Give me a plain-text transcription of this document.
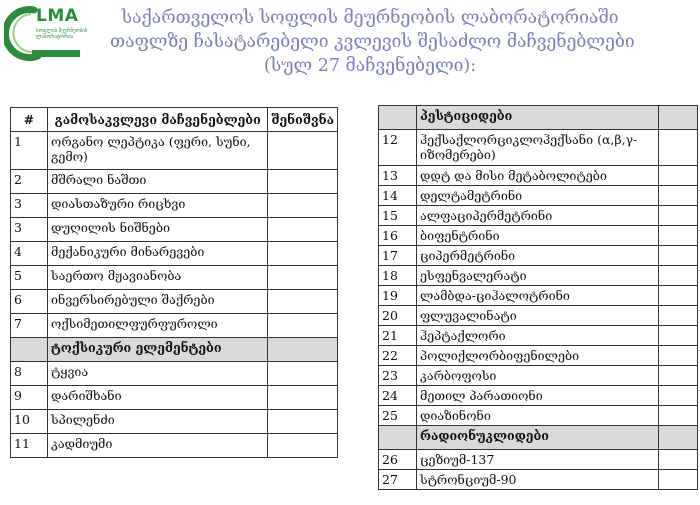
LMA
სოფლის მეურნეობის
ლაბორატორია
საქართველოს სოფლის მეურნეობის ლაბორატორიაში
თაფლზე ჩასატარებელი კვლევის შესაძლო მაჩვენებლები
(სულ 27 მაჩვენებელი):
#	გამოსაკვლევი მაჩვენებლები	შენიშვნა
1	ორგანო ლეპტიკა (ფერი, სუნი, გემო)	
2	მშრალი ნაშთი	
3	დიასთაზური რიცხვი	
3	დუღილის ნიშნები	
4	მექანიკური მინარევები	
5	საერთო მჟავიანობა	
6	ინვერსირებული შაქრები	
7	ოქსიმეთილფურფუროლი	
	ტოქსიკური ელემენტები	
8	ტყვია	
9	დარიშხანი	
10	სპილენძი	
11	კადმიუმი	
	პესტიციდები	
12	ჰექსაქლორციკლოჰექსანი (α,β,γ-იზომერები)	
13	დდტ და მისი მეტაბოლიტები	
14	დელტამეტრინი	
15	ალფაციპერმეტრინი	
16	ბიფენტრინი	
17	ციპერმეტრინი	
18	ესფენვალერატი	
19	ლამბდა-ციჰალოტრინი	
20	ფლუვალინატი	
21	ჰეპტაქლორი	
22	პოლიქლორბიფენილები	
23	კარბოფოსი	
24	მეთილ პარათიონი	
25	დიაზინონი	
	რადიონუკლიდები	
26	ცეზიუმ-137	
27	სტრონციუმ-90	
